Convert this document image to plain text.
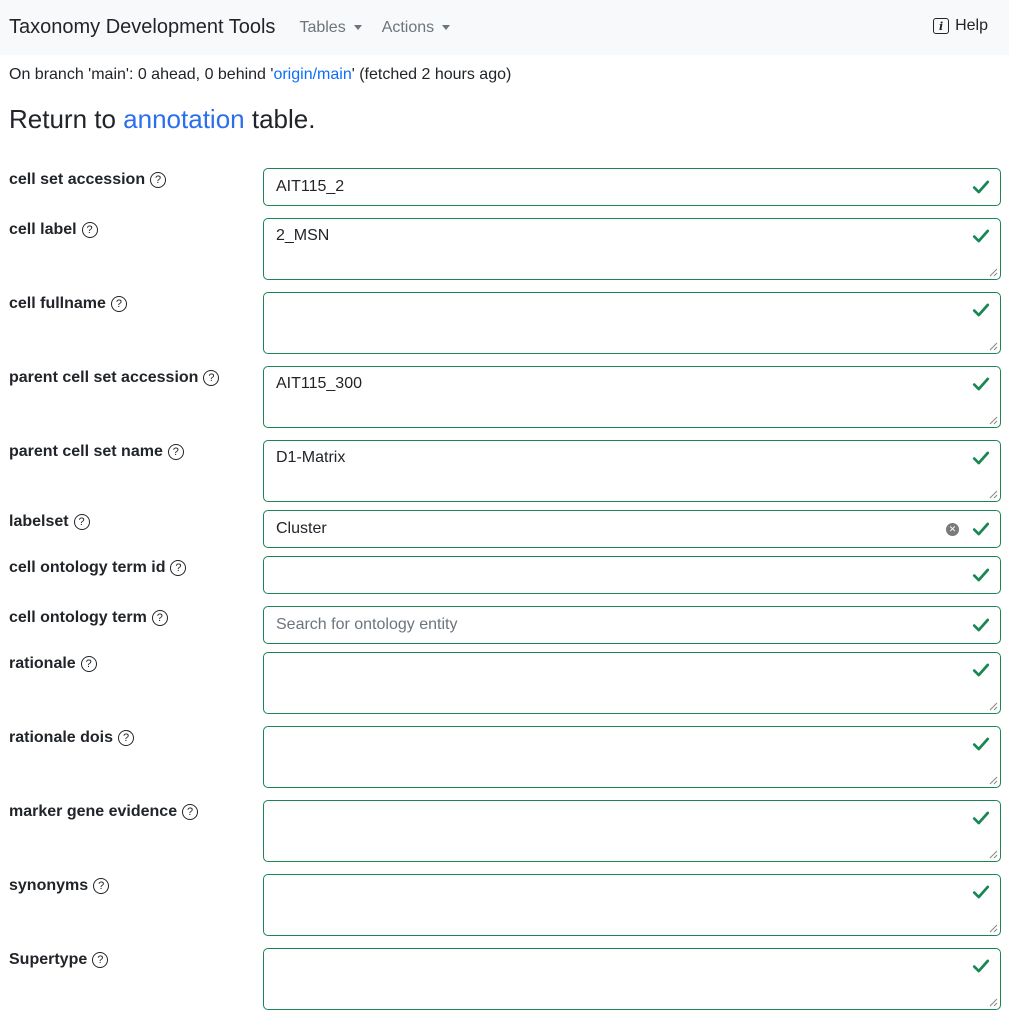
Taxonomy Development Tools Tables Actions	i Help
On branch 'main': 0 ahead, 0 behind 'origin/main' (fetched 2 hours ago)
Return to annotation table.
cell set accession ?	AIT115_2
cell label ?	2_MSN
cell fullname ?
parent cell set accession ?	AIT115_300
parent cell set name ?	D1-Matrix
labelset ?	Cluster	✕
cell ontology term id ?
cell ontology term ?	Search for ontology entity
rationale ?
rationale dois ?
marker gene evidence ?
synonyms ?
Supertype ?
